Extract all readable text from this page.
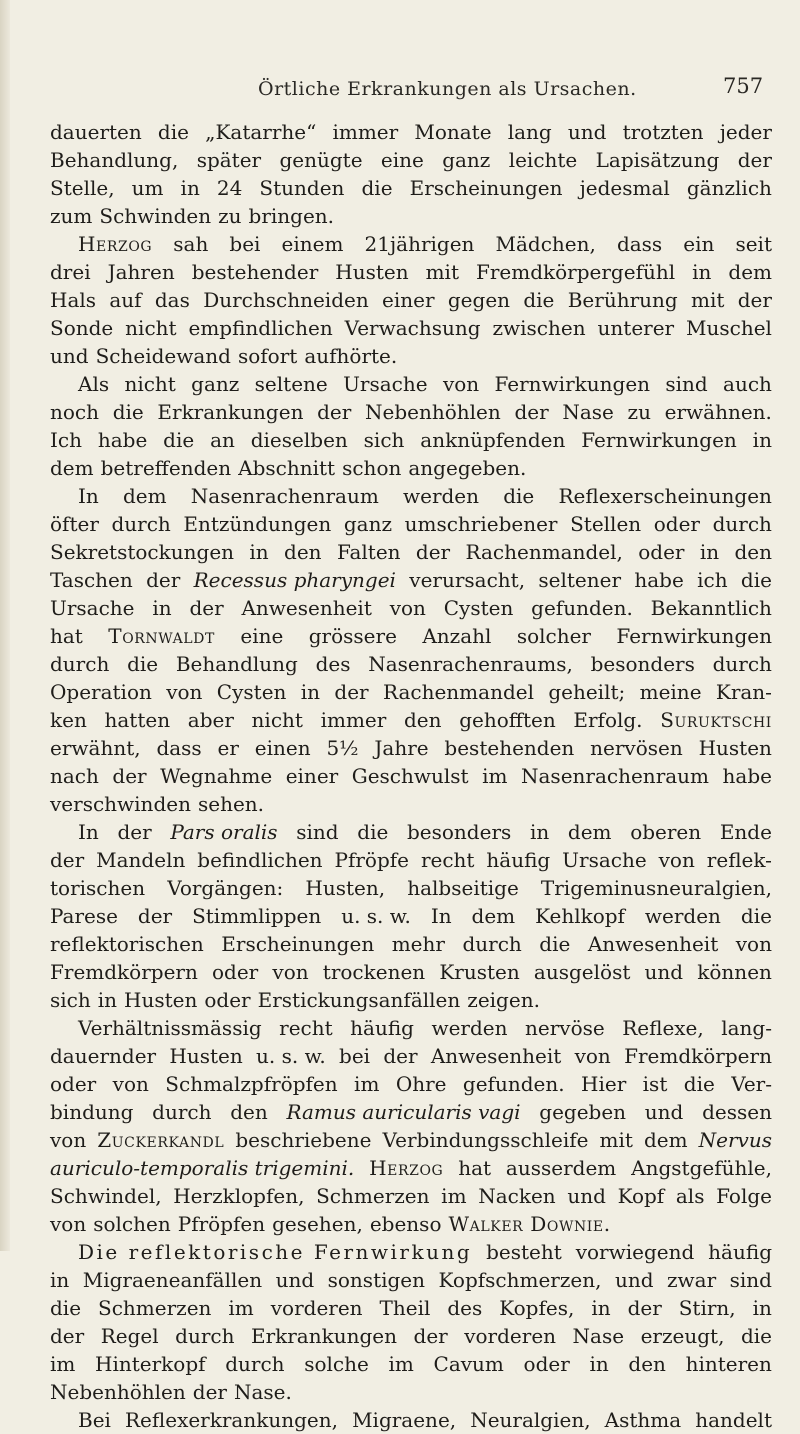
Örtliche Erkrankungen als Ursachen.	757
dauerten die „Katarrhe“ immer Monate lang und trotzten jeder
Behandlung, später genügte eine ganz leichte Lapisätzung der
Stelle, um in 24 Stunden die Erscheinungen jedesmal gänzlich
zum Schwinden zu bringen.
Herzog sah bei einem 21jährigen Mädchen, dass ein seit
drei Jahren bestehender Husten mit Fremdkörpergefühl in dem
Hals auf das Durchschneiden einer gegen die Berührung mit der
Sonde nicht empfindlichen Verwachsung zwischen unterer Muschel
und Scheidewand sofort aufhörte.
Als nicht ganz seltene Ursache von Fernwirkungen sind auch
noch die Erkrankungen der Nebenhöhlen der Nase zu erwähnen.
Ich habe die an dieselben sich anknüpfenden Fernwirkungen in
dem betreffenden Abschnitt schon angegeben.
In dem Nasenrachenraum werden die Reflexerscheinungen
öfter durch Entzündungen ganz umschriebener Stellen oder durch
Sekretstockungen in den Falten der Rachenmandel, oder in den
Taschen der Recessus pharyngei verursacht, seltener habe ich die
Ursache in der Anwesenheit von Cysten gefunden. Bekanntlich
hat Tornwaldt eine grössere Anzahl solcher Fernwirkungen
durch die Behandlung des Nasenrachenraums, besonders durch
Operation von Cysten in der Rachenmandel geheilt; meine Kran-
ken hatten aber nicht immer den gehofften Erfolg. Suruktschi
erwähnt, dass er einen 5½ Jahre bestehenden nervösen Husten
nach der Wegnahme einer Geschwulst im Nasenrachenraum habe
verschwinden sehen.
In der Pars oralis sind die besonders in dem oberen Ende
der Mandeln befindlichen Pfröpfe recht häufig Ursache von reflek-
torischen Vorgängen: Husten, halbseitige Trigeminusneuralgien,
Parese der Stimmlippen u. s. w. In dem Kehlkopf werden die
reflektorischen Erscheinungen mehr durch die Anwesenheit von
Fremdkörpern oder von trockenen Krusten ausgelöst und können
sich in Husten oder Erstickungsanfällen zeigen.
Verhältnissmässig recht häufig werden nervöse Reflexe, lang-
dauernder Husten u. s. w. bei der Anwesenheit von Fremdkörpern
oder von Schmalzpfröpfen im Ohre gefunden. Hier ist die Ver-
bindung durch den Ramus auricularis vagi gegeben und dessen
von Zuckerkandl beschriebene Verbindungsschleife mit dem Nervus
auriculo-temporalis trigemini. Herzog hat ausserdem Angstgefühle,
Schwindel, Herzklopfen, Schmerzen im Nacken und Kopf als Folge
von solchen Pfröpfen gesehen, ebenso Walker Downie.
Die reflektorische Fernwirkung besteht vorwiegend häufig
in Migraeneanfällen und sonstigen Kopfschmerzen, und zwar sind
die Schmerzen im vorderen Theil des Kopfes, in der Stirn, in
der Regel durch Erkrankungen der vorderen Nase erzeugt, die
im Hinterkopf durch solche im Cavum oder in den hinteren
Nebenhöhlen der Nase.
Bei Reflexerkrankungen, Migraene, Neuralgien, Asthma handelt
